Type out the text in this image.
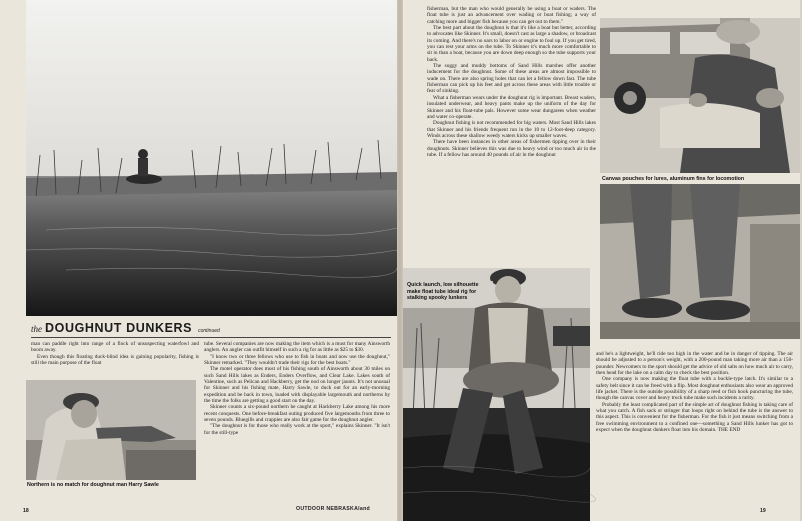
the DOUGHNUT DUNKERS continued

man can paddle right into range of a flock of unsuspecting waterfowl and boom away.

Even though this floating duck-blind idea is gaining popularity, fishing is still the main purpose of the float

tube. Several companies are now making the item which is a must for many Ainsworth anglers. An angler can outfit himself in such a rig for as little as $25 to $30.

"I know two or three fellows who use to fish in boats and now use the doughnut," Skinner remarked. "They wouldn't trade their rigs for the best boats."

The motel operator does most of his fishing south of Ainsworth about 30 miles on such Sand Hills lakes as Enders, Enders Overflow, and Clear Lake. Lakes south of Valentine, such as Pelican and Hackberry, get the nod on longer jaunts. It's not unusual for Skinner and his fishing mate, Harry Sawle, to duck out for an early-morning expedition and be back in town, loaded with displayable largemouth and northerns by the time the folks are getting a good start on the day.

Skinner counts a six-pound northern he caught at Hackberry Lake among his more recent conquests. One before-breakfast outing produced five largemouths from three to seven pounds. Bluegills and crappies are also fair game for the doughnut angler.

"The doughnut is for those who really work at the sport," explains Skinner. "It isn't for the still-type

Northern is no match for doughnut man Harry Sawle
18

fisherman, but the man who would generally be using a boat or waders. The float tube is just an advancement over wading or boat fishing; a way of catching more and bigger fish because you can get out to them."

The best part about the doughnut is that it's like a boat but better, according to advocates like Skinner. It's small, doesn't cast as large a shadow, or broadcast its coming. And there's no oars to labor on or engine to foul up. If you get tired, you can rest your arms on the tube. To Skinner it's much more comfortable to sit in than a boat, because you are down deep enough so the tube supports your back.

The soggy and muddy bottoms of Sand Hills marshes offer another inducement for the doughnut. Some of these areas are almost impossible to wade on. There are also spring holes that can let a fellow down fast. The tube fisherman can pick up his feet and get across these areas with little trouble or fear of sinking.

What a fisherman wears under the doughnut rig is important. Breast waders, insulated underwear, and heavy pants make up the uniform of the day for Skinner and his float-tube pals. However some wear dungarees when weather and water co-operate.

Doughnut fishing is not recommended for big waters. Most Sand Hills lakes that Skinner and his friends frequent run in the 10 to 12-foot-deep category. Winds across these shallow weedy waters kicks up smaller waves.

There have been instances in other areas of fishermen tipping over in their doughnuts. Skinner believes this was due to heavy wind or too much air in the tube. If a fellow has around 40 pounds of air in the doughnut

Canvas pouches for lures, aluminum fins for locomotion
Quick launch, low silhouette make float tube ideal rig for stalking spooky lunkers

and he's a lightweight, he'll ride too high in the water and be in danger of tipping. The air should be adjusted to a person's weight, with a 200-pound man taking more air than a 150-pounder. Newcomers to the sport should get the advice of old salts on how much air to carry, then head for the lake on a calm day to check the best position.

One company is now making the float tube with a buckle-type latch. It's similar to a safety belt since it can be freed with a flip. Most doughnut enthusiasts also wear an approved life jacket. There is the outside possibility of a sharp reed or fish hook puncturing the tube, though the canvas cover and heavy truck tube make such incidents a rarity.

Probably the least complicated part of the simple art of doughnut fishing is taking care of what you catch. A fish sack or stringer that loops right on behind the tube is the answer to this aspect. This is convenient for the fisherman. For the fish it just means switching from a free swimming environment to a confined one—something a Sand Hills lunker has got to expect when the doughnut dunkers float into his domain. THE END

OUTDOOR NEBRASKAland	19
